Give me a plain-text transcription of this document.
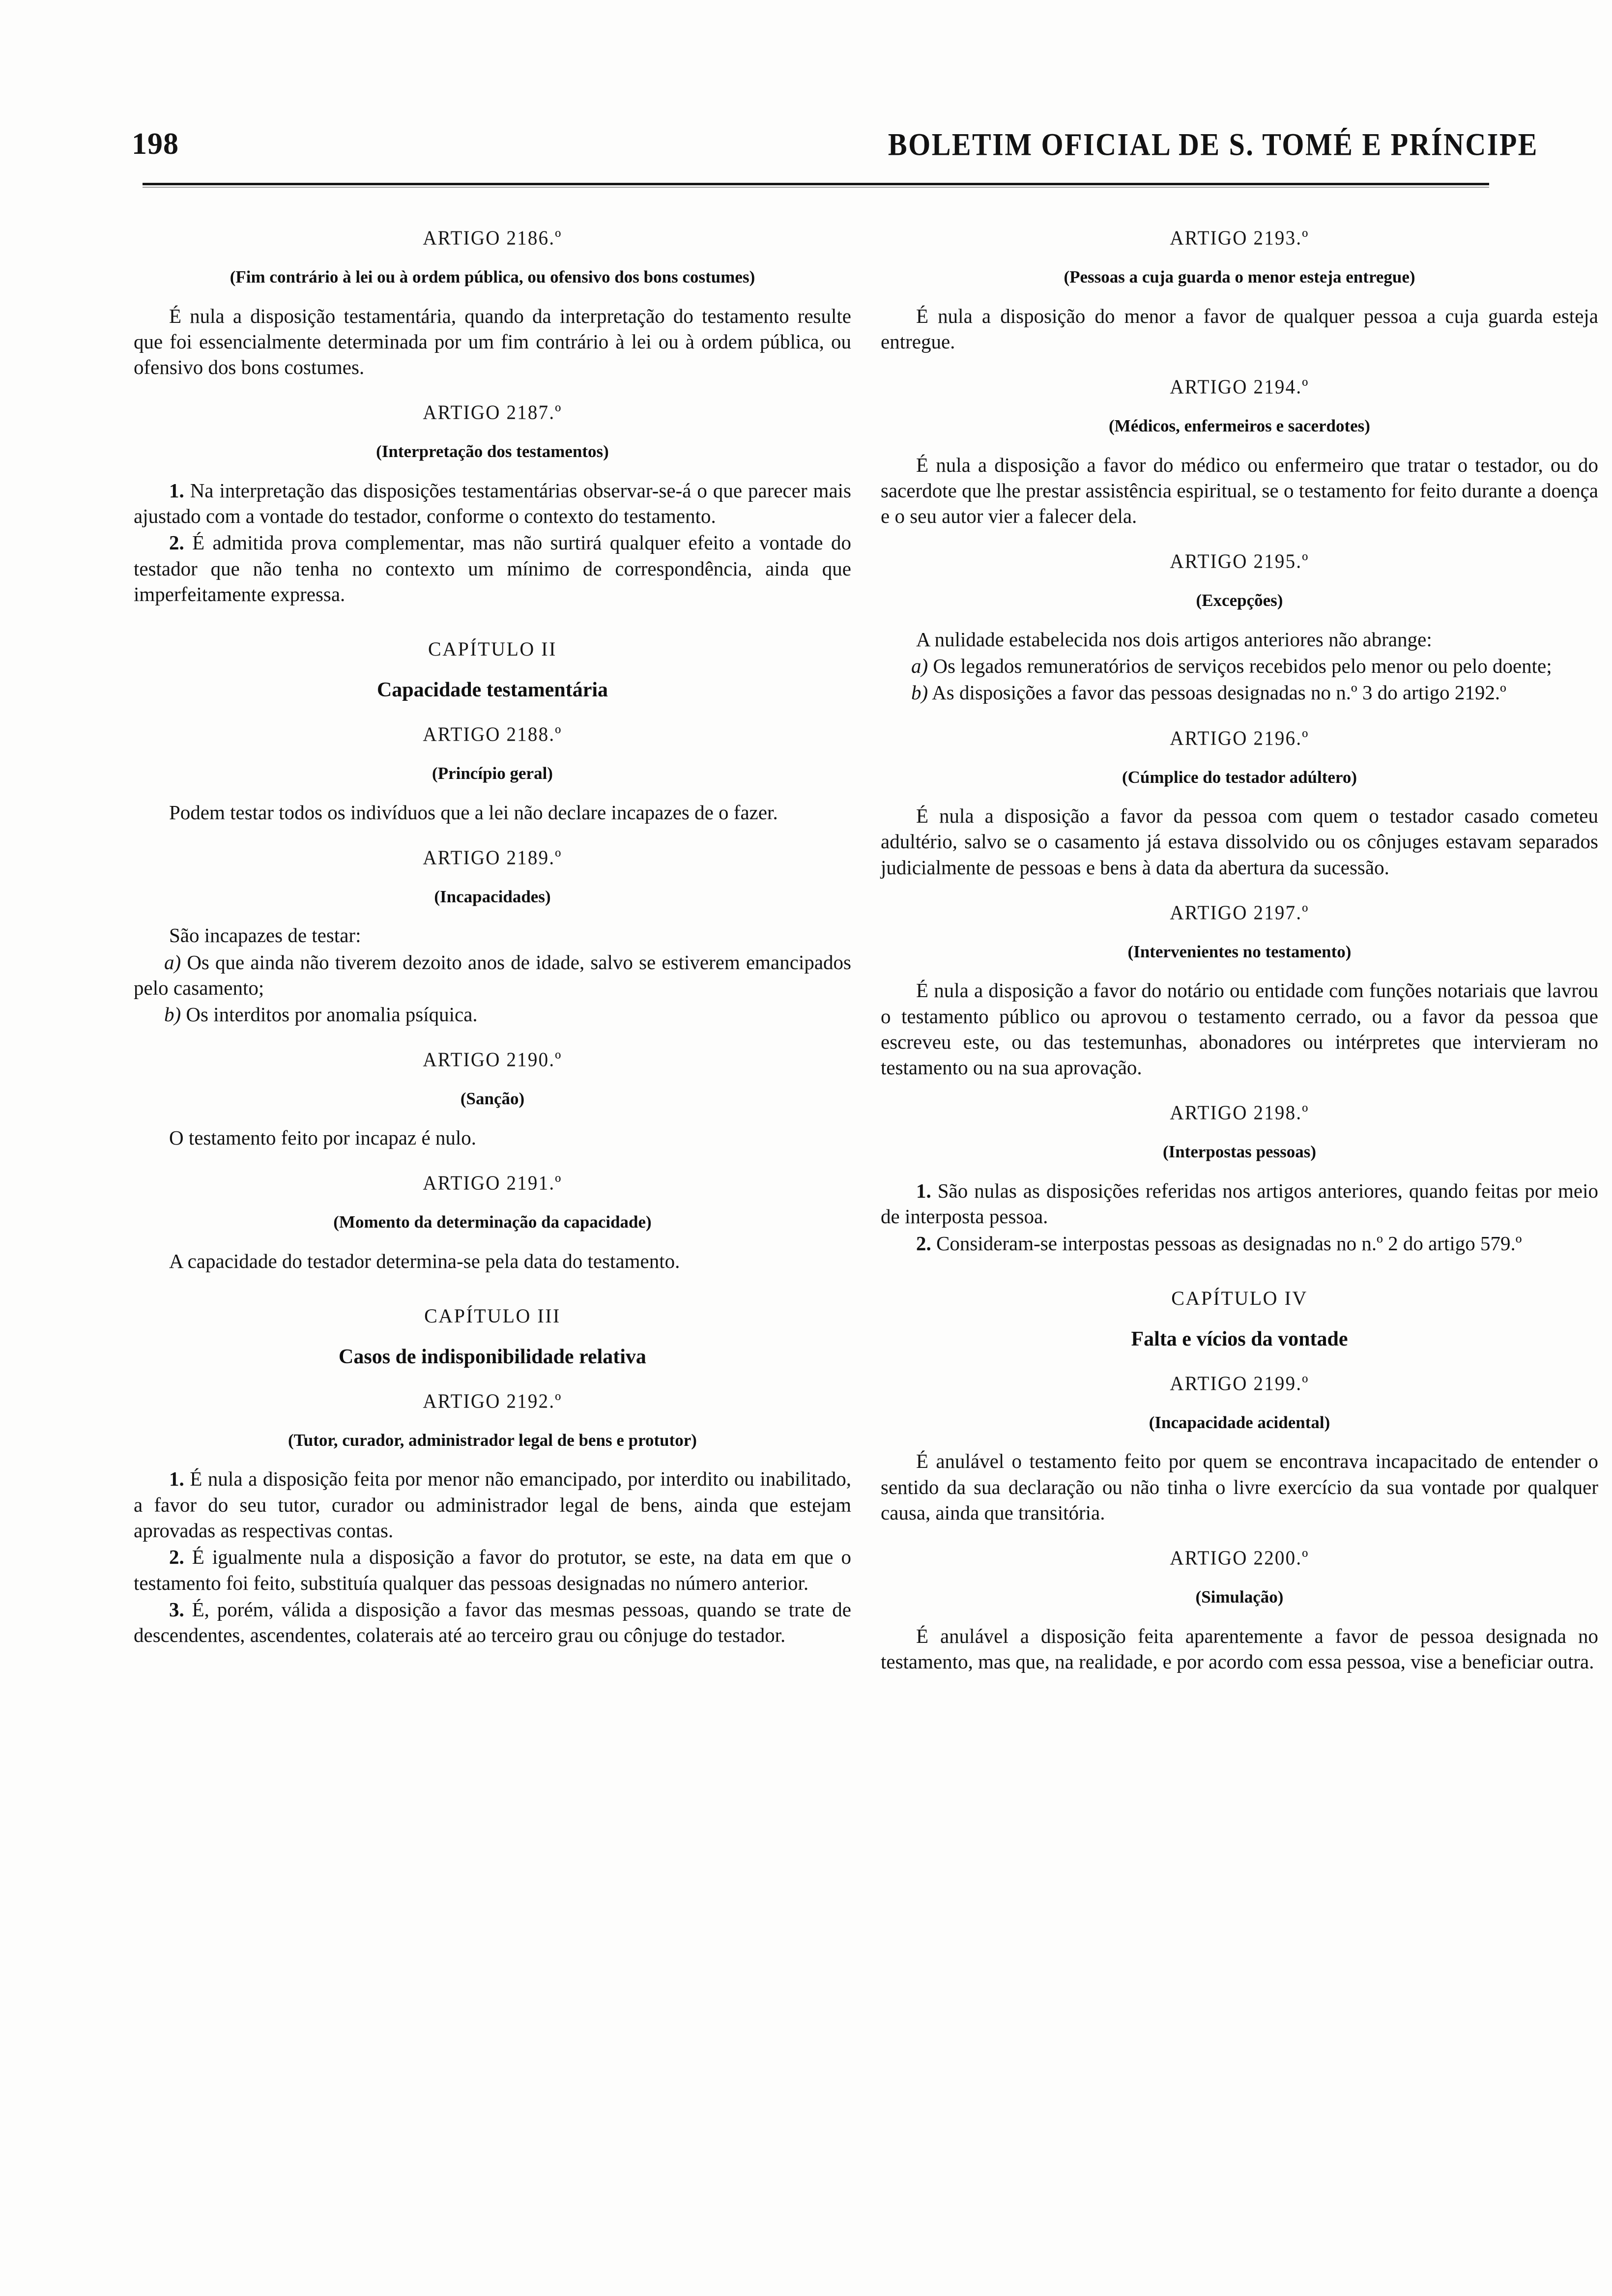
198	BOLETIM OFICIAL DE S. TOMÉ E PRÍNCIPE
ARTIGO 2186.º
(Fim contrário à lei ou à ordem pública, ou ofensivo dos bons costumes)

É nula a disposição testamentária, quando da interpretação do testamento resulte que foi essencialmente determinada por um fim contrário à lei ou à ordem pública, ou ofensivo dos bons costumes.

ARTIGO 2187.º
(Interpretação dos testamentos)

1. Na interpretação das disposições testamentárias observar-se-á o que parecer mais ajustado com a vontade do testador, conforme o contexto do testamento.

2. É admitida prova complementar, mas não surtirá qualquer efeito a vontade do testador que não tenha no contexto um mínimo de correspondência, ainda que imperfeitamente expressa.

CAPÍTULO II
Capacidade testamentária
ARTIGO 2188.º
(Princípio geral)

Podem testar todos os indivíduos que a lei não declare incapazes de o fazer.

ARTIGO 2189.º
(Incapacidades)

São incapazes de testar:

a) Os que ainda não tiverem dezoito anos de idade, salvo se estiverem emancipados pelo casamento;

b) Os interditos por anomalia psíquica.

ARTIGO 2190.º
(Sanção)

O testamento feito por incapaz é nulo.

ARTIGO 2191.º
(Momento da determinação da capacidade)

A capacidade do testador determina-se pela data do testamento.

CAPÍTULO III
Casos de indisponibilidade relativa
ARTIGO 2192.º
(Tutor, curador, administrador legal de bens e protutor)

1. É nula a disposição feita por menor não emancipado, por interdito ou inabilitado, a favor do seu tutor, curador ou administrador legal de bens, ainda que estejam aprovadas as respectivas contas.

2. É igualmente nula a disposição a favor do protutor, se este, na data em que o testamento foi feito, substituía qualquer das pessoas designadas no número anterior.

3. É, porém, válida a disposição a favor das mesmas pessoas, quando se trate de descendentes, ascendentes, colaterais até ao terceiro grau ou cônjuge do testador.

ARTIGO 2193.º
(Pessoas a cuja guarda o menor esteja entregue)

É nula a disposição do menor a favor de qualquer pessoa a cuja guarda esteja entregue.

ARTIGO 2194.º
(Médicos, enfermeiros e sacerdotes)

É nula a disposição a favor do médico ou enfermeiro que tratar o testador, ou do sacerdote que lhe prestar assistência espiritual, se o testamento for feito durante a doença e o seu autor vier a falecer dela.

ARTIGO 2195.º
(Excepções)

A nulidade estabelecida nos dois artigos anteriores não abrange:

a) Os legados remuneratórios de serviços recebidos pelo menor ou pelo doente;

b) As disposições a favor das pessoas designadas no n.º 3 do artigo 2192.º

ARTIGO 2196.º
(Cúmplice do testador adúltero)

É nula a disposição a favor da pessoa com quem o testador casado cometeu adultério, salvo se o casamento já estava dissolvido ou os cônjuges estavam separados judicialmente de pessoas e bens à data da abertura da sucessão.

ARTIGO 2197.º
(Intervenientes no testamento)

É nula a disposição a favor do notário ou entidade com funções notariais que lavrou o testamento público ou aprovou o testamento cerrado, ou a favor da pessoa que escreveu este, ou das testemunhas, abonadores ou intérpretes que intervieram no testamento ou na sua aprovação.

ARTIGO 2198.º
(Interpostas pessoas)

1. São nulas as disposições referidas nos artigos anteriores, quando feitas por meio de interposta pessoa.

2. Consideram-se interpostas pessoas as designadas no n.º 2 do artigo 579.º

CAPÍTULO IV
Falta e vícios da vontade
ARTIGO 2199.º
(Incapacidade acidental)

É anulável o testamento feito por quem se encontrava incapacitado de entender o sentido da sua declaração ou não tinha o livre exercício da sua vontade por qualquer causa, ainda que transitória.

ARTIGO 2200.º
(Simulação)

É anulável a disposição feita aparentemente a favor de pessoa designada no testamento, mas que, na realidade, e por acordo com essa pessoa, vise a beneficiar outra.
